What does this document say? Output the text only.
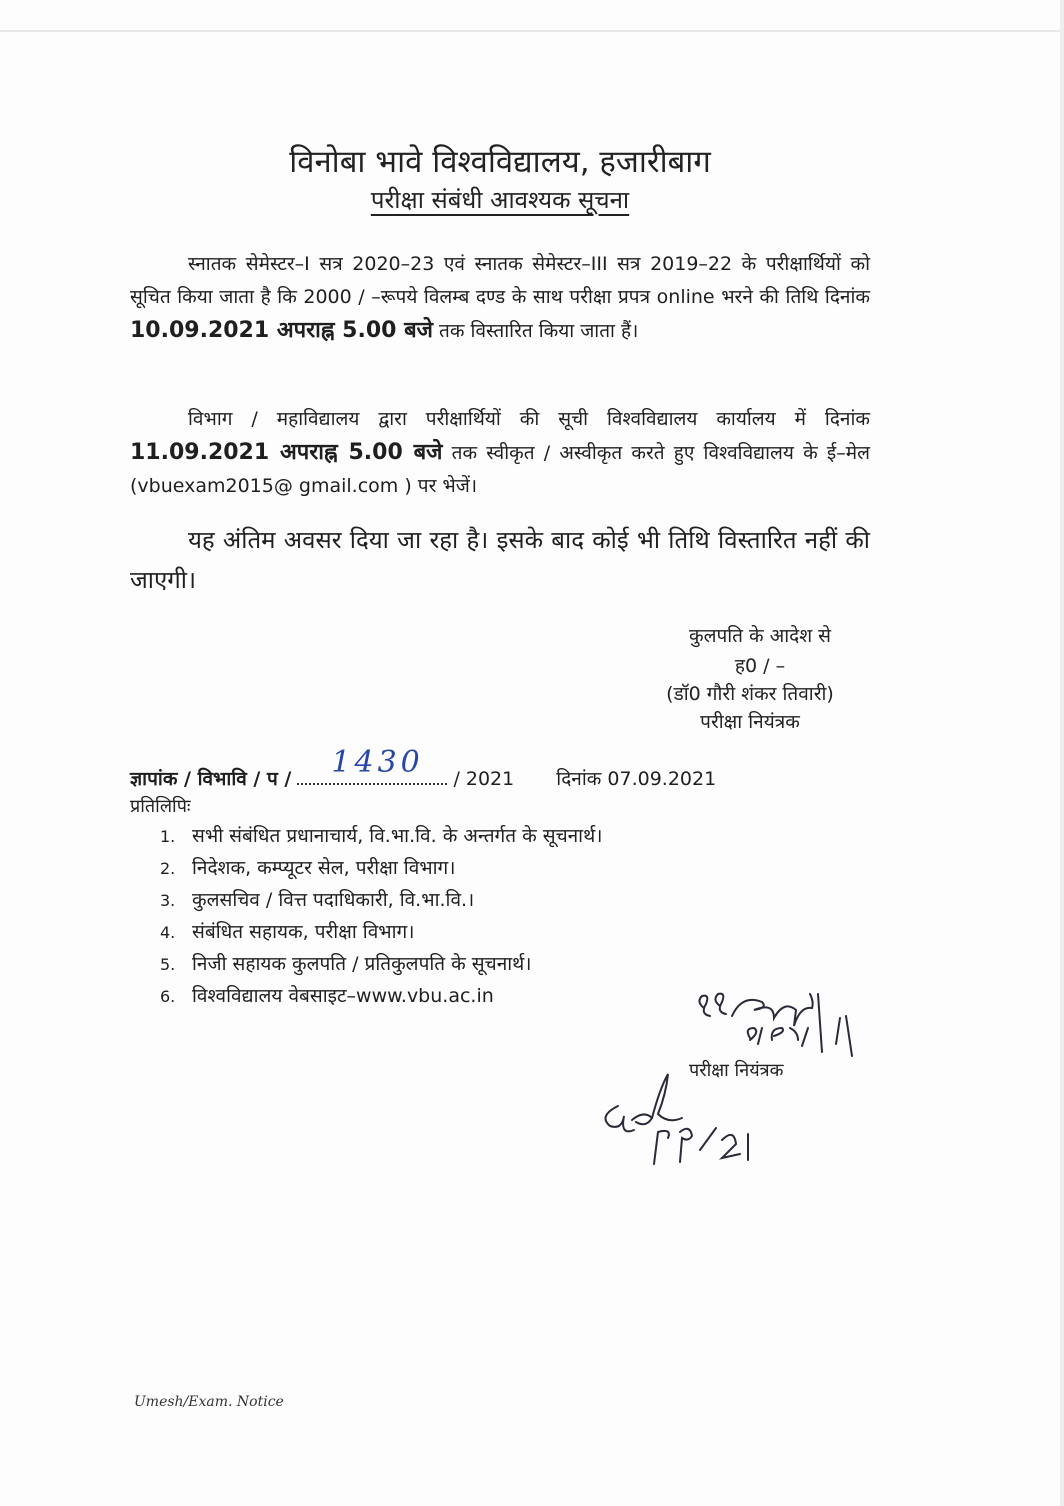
विनोबा भावे विश्वविद्यालय, हजारीबाग
परीक्षा संबंधी आवश्यक सूचना
स्नातक सेमेस्टर–I सत्र 2020–23 एवं स्नातक सेमेस्टर–III सत्र 2019–22 के परीक्षार्थियों को सूचित किया जाता है कि 2000 / –रूपये विलम्ब दण्ड के साथ परीक्षा प्रपत्र online भरने की तिथि दिनांक 10.09.2021 अपराह्न 5.00 बजे तक विस्तारित किया जाता हैं।
विभाग / महाविद्यालय द्वारा परीक्षार्थियों की सूची विश्वविद्यालय कार्यालय में दिनांक 11.09.2021 अपराह्न 5.00 बजे तक स्वीकृत / अस्वीकृत करते हुए विश्वविद्यालय के ई–मेल (vbuexam2015@ gmail.com ) पर भेजें।
यह अंतिम अवसर दिया जा रहा है। इसके बाद कोई भी तिथि विस्तारित नहीं की जाएगी।
कुलपति के आदेश से
ह0 / –
(डॉ0 गौरी शंकर तिवारी)
परीक्षा नियंत्रक
ज्ञापांक / विभावि / प / 1430 / 2021 दिनांक 07.09.2021
प्रतिलिपिः
1. सभी संबंधित प्रधानाचार्य, वि.भा.वि. के अन्तर्गत के सूचनार्थ।
2. निदेशक, कम्प्यूटर सेल, परीक्षा विभाग।
3. कुलसचिव / वित्त पदाधिकारी, वि.भा.वि.।
4. संबंधित सहायक, परीक्षा विभाग।
5. निजी सहायक कुलपति / प्रतिकुलपति के सूचनार्थ।
6. विश्वविद्यालय वेबसाइट–www.vbu.ac.in
परीक्षा नियंत्रक
Umesh/Exam. Notice
